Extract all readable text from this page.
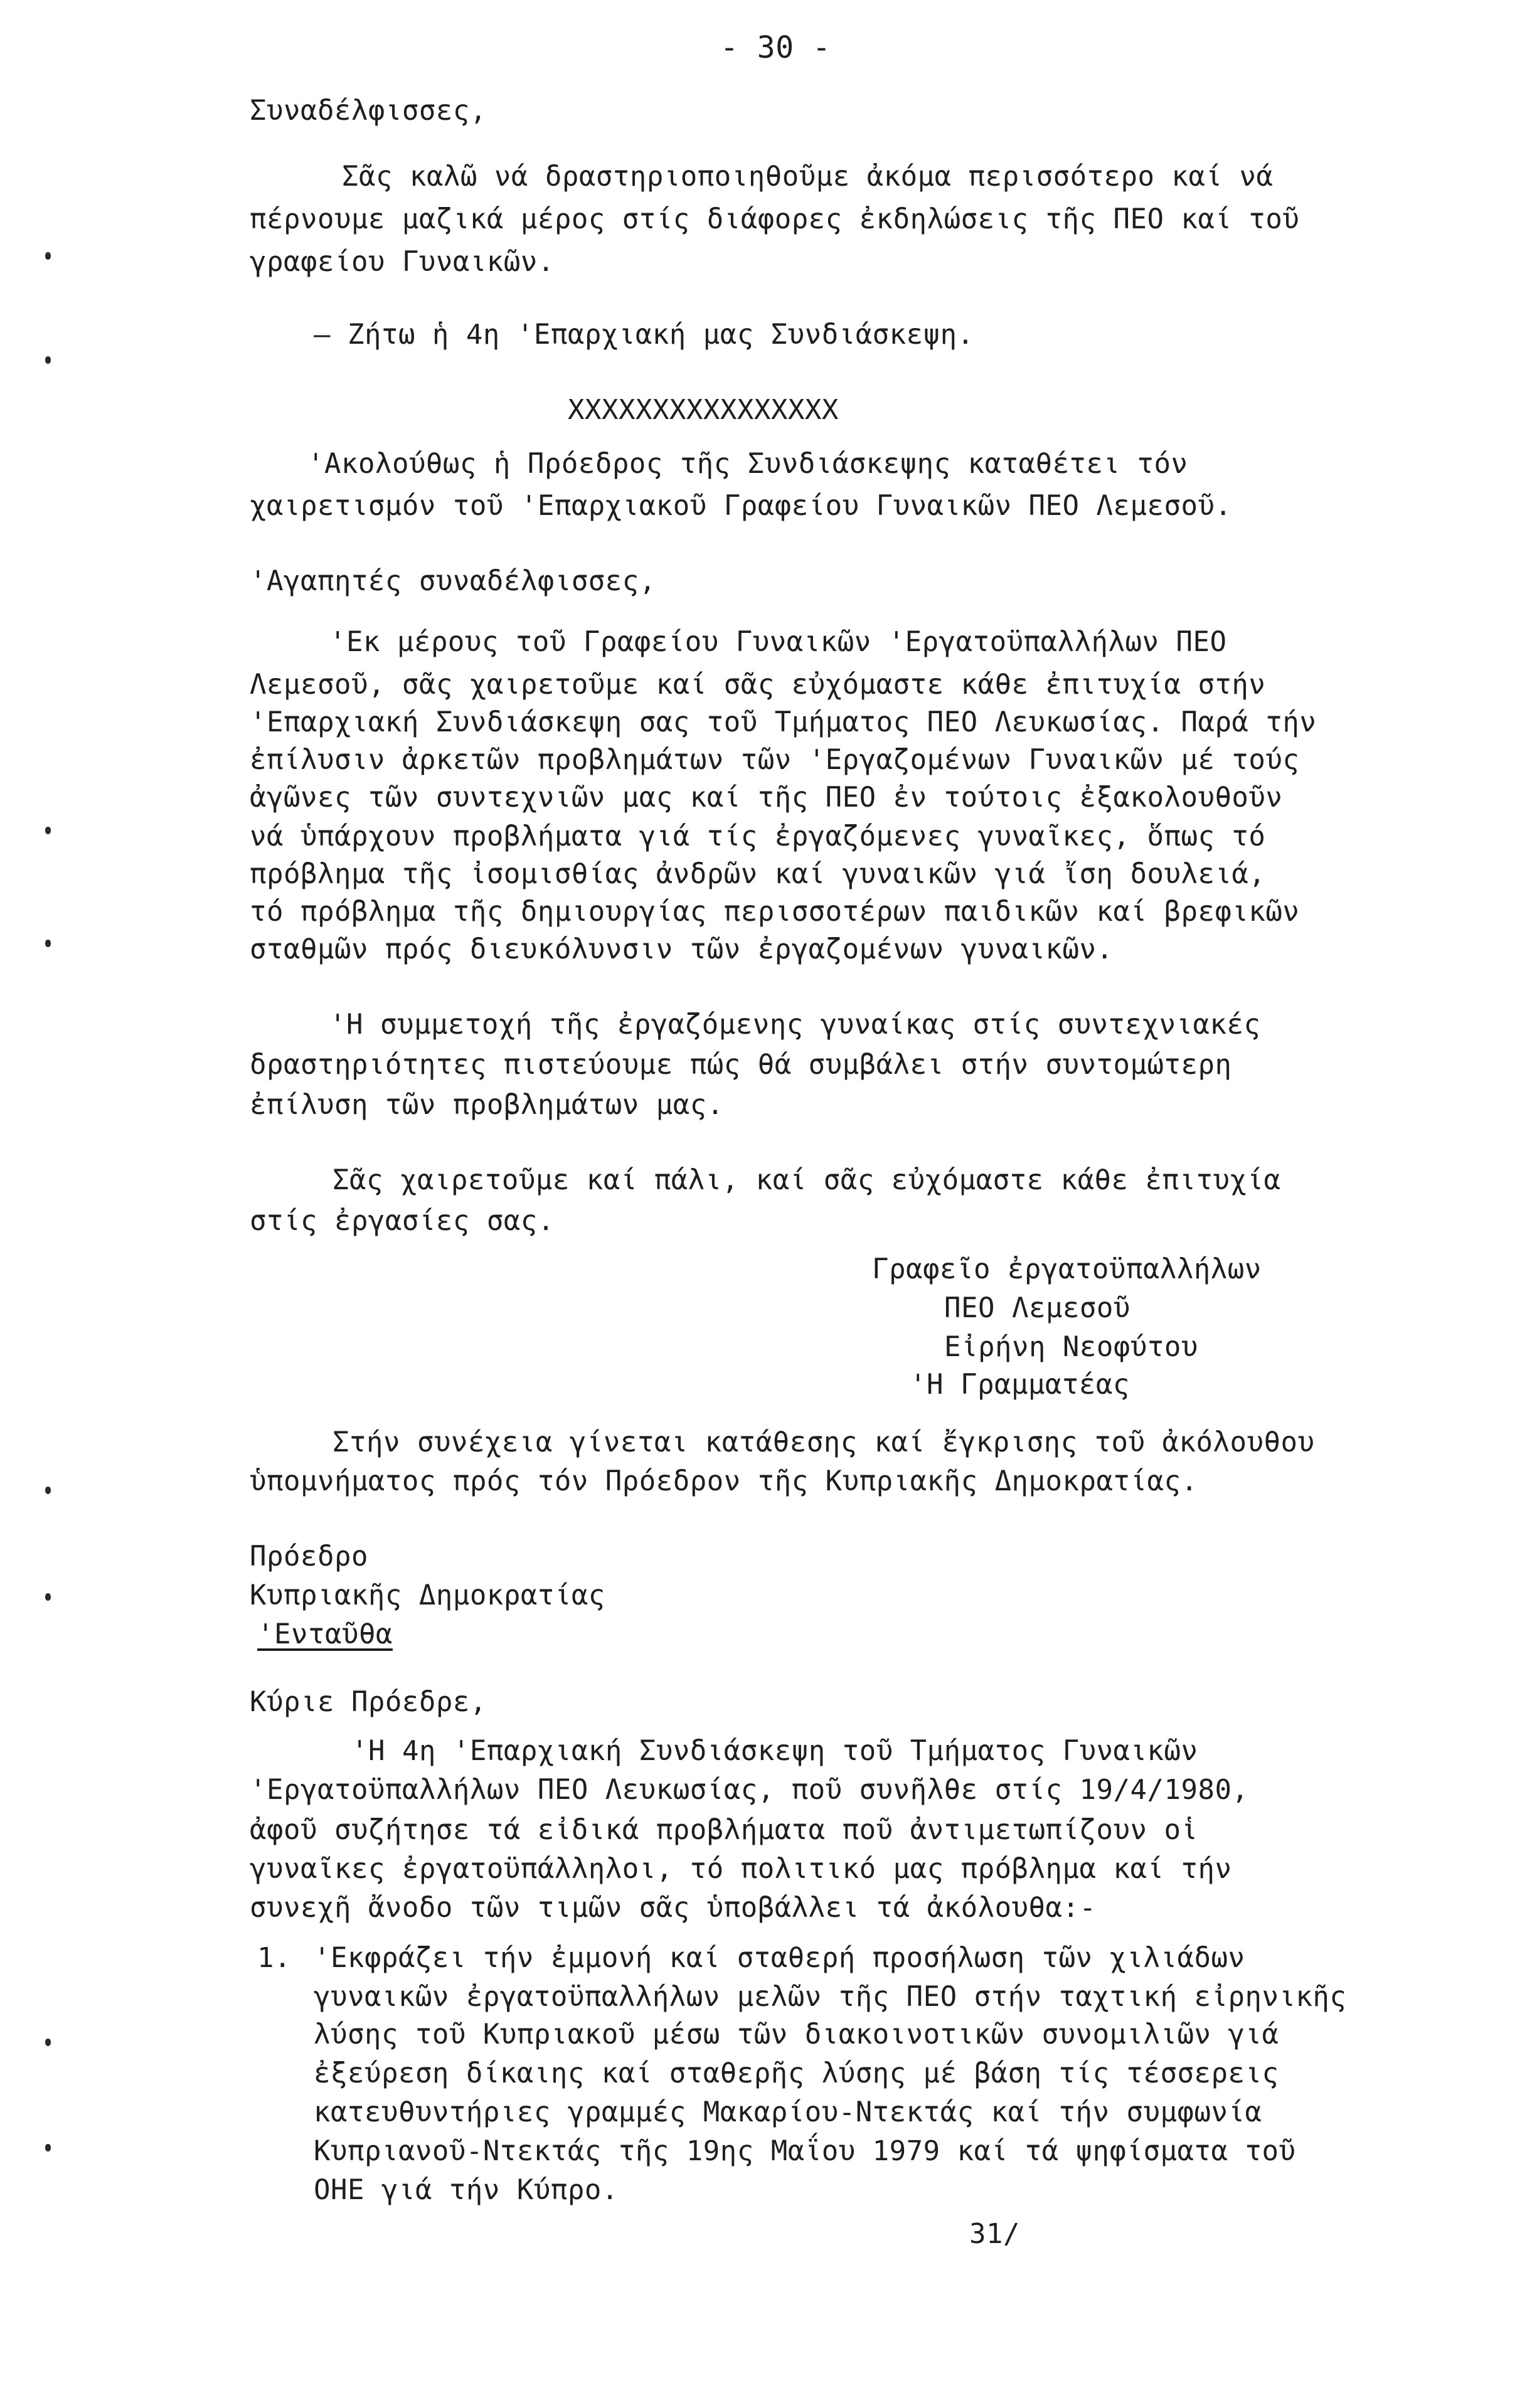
- 30 -
Συναδέλφισσες,
Σᾶς καλῶ νά δραστηριοποιηθοῦμε ἀκόμα περισσότερο καί νά
πέρνουμε μαζικά μέρος στίς διάφορες ἐκδηλώσεις τῆς ΠΕΟ καί τοῦ
γραφείου Γυναικῶν.
– Ζήτω ἡ 4η 'Επαρχιακή μας Συνδιάσκεψη.
XXXXXXXXXXXXXXXX
'Ακολούθως ἡ Πρόεδρος τῆς Συνδιάσκεψης καταθέτει τόν
χαιρετισμόν τοῦ 'Επαρχιακοῦ Γραφείου Γυναικῶν ΠΕΟ Λεμεσοῦ.
'Αγαπητές συναδέλφισσες,
'Εκ μέρους τοῦ Γραφείου Γυναικῶν 'Εργατοϋπαλλήλων ΠΕΟ
Λεμεσοῦ, σᾶς χαιρετοῦμε καί σᾶς εὐχόμαστε κάθε ἐπιτυχία στήν
'Επαρχιακή Συνδιάσκεψη σας τοῦ Τμήματος ΠΕΟ Λευκωσίας. Παρά τήν
ἐπίλυσιν ἀρκετῶν προβλημάτων τῶν 'Εργαζομένων Γυναικῶν μέ τούς
ἀγῶνες τῶν συντεχνιῶν μας καί τῆς ΠΕΟ ἐν τούτοις ἐξακολουθοῦν
νά ὑπάρχουν προβλήματα γιά τίς ἐργαζόμενες γυναῖκες, ὅπως τό
πρόβλημα τῆς ἰσομισθίας ἀνδρῶν καί γυναικῶν γιά ἴση δουλειά,
τό πρόβλημα τῆς δημιουργίας περισσοτέρων παιδικῶν καί βρεφικῶν
σταθμῶν πρός διευκόλυνσιν τῶν ἐργαζομένων γυναικῶν.
'Η συμμετοχή τῆς ἐργαζόμενης γυναίκας στίς συντεχνιακές
δραστηριότητες πιστεύουμε πώς θά συμβάλει στήν συντομώτερη
ἐπίλυση τῶν προβλημάτων μας.
Σᾶς χαιρετοῦμε καί πάλι, καί σᾶς εὐχόμαστε κάθε ἐπιτυχία
στίς ἐργασίες σας.
Γραφεῖο ἐργατοϋπαλλήλων
ΠΕΟ Λεμεσοῦ
Εἰρήνη Νεοφύτου
'Η Γραμματέας
Στήν συνέχεια γίνεται κατάθεσης καί ἔγκρισης τοῦ ἀκόλουθου
ὑπομνήματος πρός τόν Πρόεδρον τῆς Κυπριακῆς Δημοκρατίας.
Πρόεδρο
Κυπριακῆς Δημοκρατίας
'Ενταῦθα
Κύριε Πρόεδρε,
'Η 4η 'Επαρχιακή Συνδιάσκεψη τοῦ Τμήματος Γυναικῶν
'Εργατοϋπαλλήλων ΠΕΟ Λευκωσίας, ποῦ συνῆλθε στίς 19/4/1980,
ἀφοῦ συζήτησε τά εἰδικά προβλήματα ποῦ ἀντιμετωπίζουν οἱ
γυναῖκες ἐργατοϋπάλληλοι, τό πολιτικό μας πρόβλημα καί τήν
συνεχῆ ἄνοδο τῶν τιμῶν σᾶς ὑποβάλλει τά ἀκόλουθα:-
1. 'Εκφράζει τήν ἐμμονή καί σταθερή προσήλωση τῶν χιλιάδων
γυναικῶν ἐργατοϋπαλλήλων μελῶν τῆς ΠΕΟ στήν ταχτική εἰρηνικῆς
λύσης τοῦ Κυπριακοῦ μέσω τῶν διακοινοτικῶν συνομιλιῶν γιά
ἐξεύρεση δίκαιης καί σταθερῆς λύσης μέ βάση τίς τέσσερεις
κατευθυντήριες γραμμές Μακαρίου-Ντεκτάς καί τήν συμφωνία
Κυπριανοῦ-Ντεκτάς τῆς 19ης Μαΐου 1979 καί τά ψηφίσματα τοῦ
ΟΗΕ γιά τήν Κύπρο.
31/
